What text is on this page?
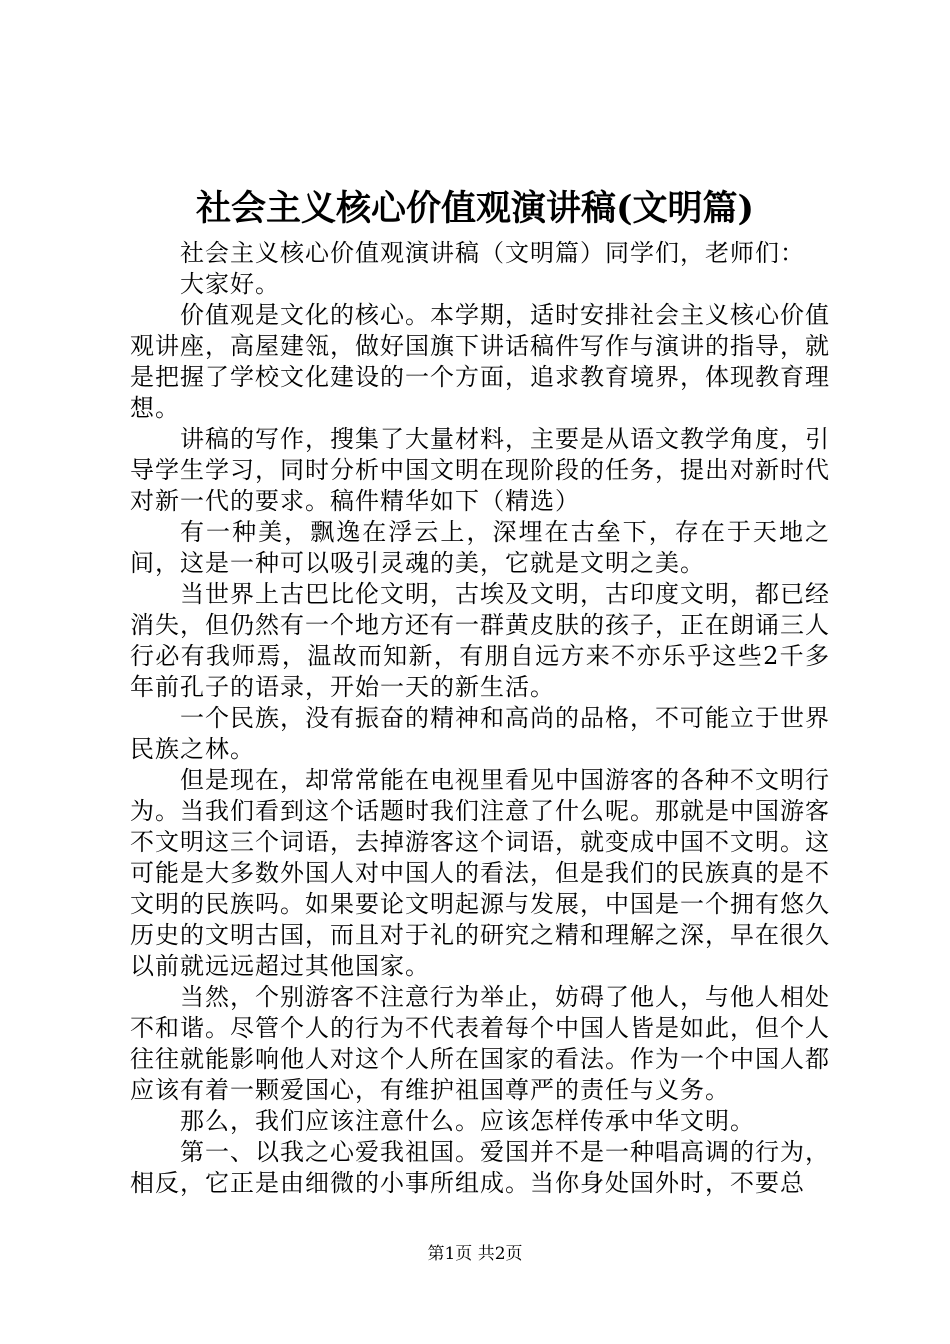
社会主义核心价值观演讲稿(文明篇)

社会主义核心价值观演讲稿（文明篇）同学们，老师们：

大家好。

价值观是文化的核心。本学期，适时安排社会主义核心价值观讲座，高屋建瓴，做好国旗下讲话稿件写作与演讲的指导，就是把握了学校文化建设的一个方面，追求教育境界，体现教育理想。

讲稿的写作，搜集了大量材料，主要是从语文教学角度，引导学生学习，同时分析中国文明在现阶段的任务，提出对新时代对新一代的要求。稿件精华如下（精选）

有一种美，飘逸在浮云上，深埋在古垒下，存在于天地之间，这是一种可以吸引灵魂的美，它就是文明之美。

当世界上古巴比伦文明，古埃及文明，古印度文明，都已经消失，但仍然有一个地方还有一群黄皮肤的孩子，正在朗诵三人行必有我师焉，温故而知新，有朋自远方来不亦乐乎这些2千多年前孔子的语录，开始一天的新生活。

一个民族，没有振奋的精神和高尚的品格，不可能立于世界民族之林。

但是现在，却常常能在电视里看见中国游客的各种不文明行为。当我们看到这个话题时我们注意了什么呢。那就是中国游客不文明这三个词语，去掉游客这个词语，就变成中国不文明。这可能是大多数外国人对中国人的看法，但是我们的民族真的是不文明的民族吗。如果要论文明起源与发展，中国是一个拥有悠久历史的文明古国，而且对于礼的研究之精和理解之深，早在很久以前就远远超过其他国家。

当然，个别游客不注意行为举止，妨碍了他人，与他人相处不和谐。尽管个人的行为不代表着每个中国人皆是如此，但个人往往就能影响他人对这个人所在国家的看法。作为一个中国人都应该有着一颗爱国心，有维护祖国尊严的责任与义务。

那么，我们应该注意什么。应该怎样传承中华文明。

第一、以我之心爱我祖国。爱国并不是一种唱高调的行为，相反，它正是由细微的小事所组成。当你身处国外时，不要总

第1页 共2页
